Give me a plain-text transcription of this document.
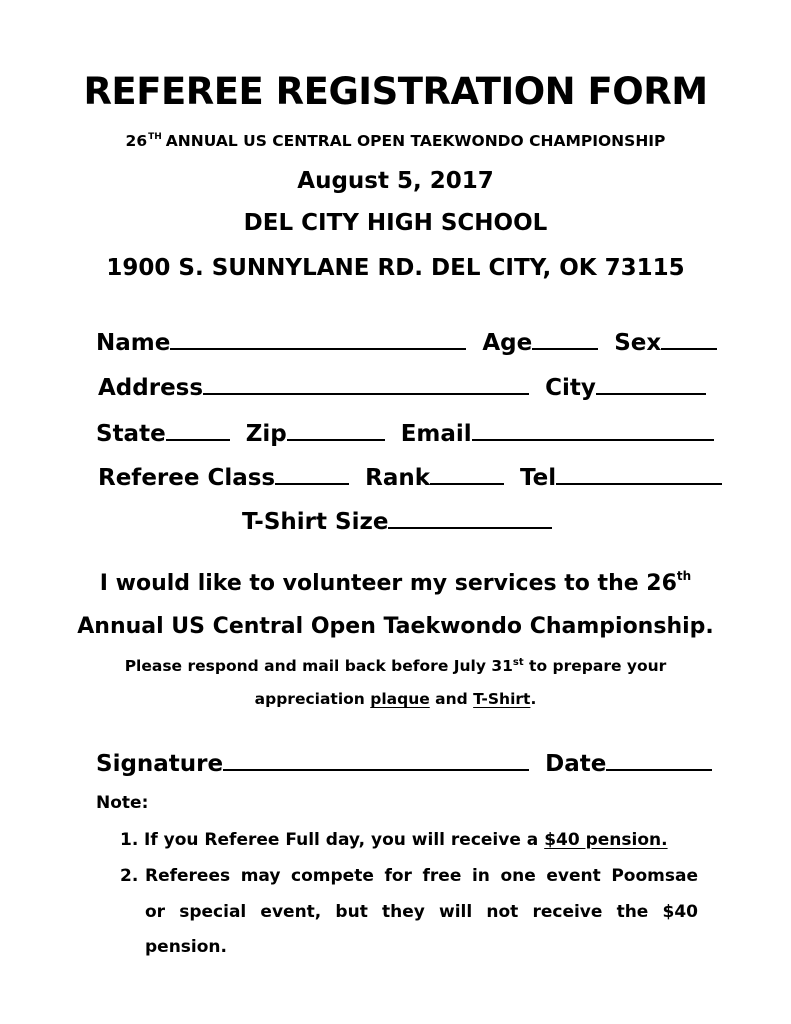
REFEREE REGISTRATION FORM
26TH ANNUAL US CENTRAL OPEN TAEKWONDO CHAMPIONSHIP
August 5, 2017
DEL CITY HIGH SCHOOL
1900 S. SUNNYLANE RD. DEL CITY, OK 73115
Name	Age	Sex
Address	City
State	Zip	Email
Referee Class	Rank	Tel
T-Shirt Size
I would like to volunteer my services to the 26th
Annual US Central Open Taekwondo Championship.
Please respond and mail back before July 31st to prepare your
appreciation plaque and T-Shirt.
Signature	Date
Note:
1. If you Referee Full day, you will receive a $40 pension.
2. Referees may compete for free in one event Poomsae
or special event, but they will not receive the $40
pension.
